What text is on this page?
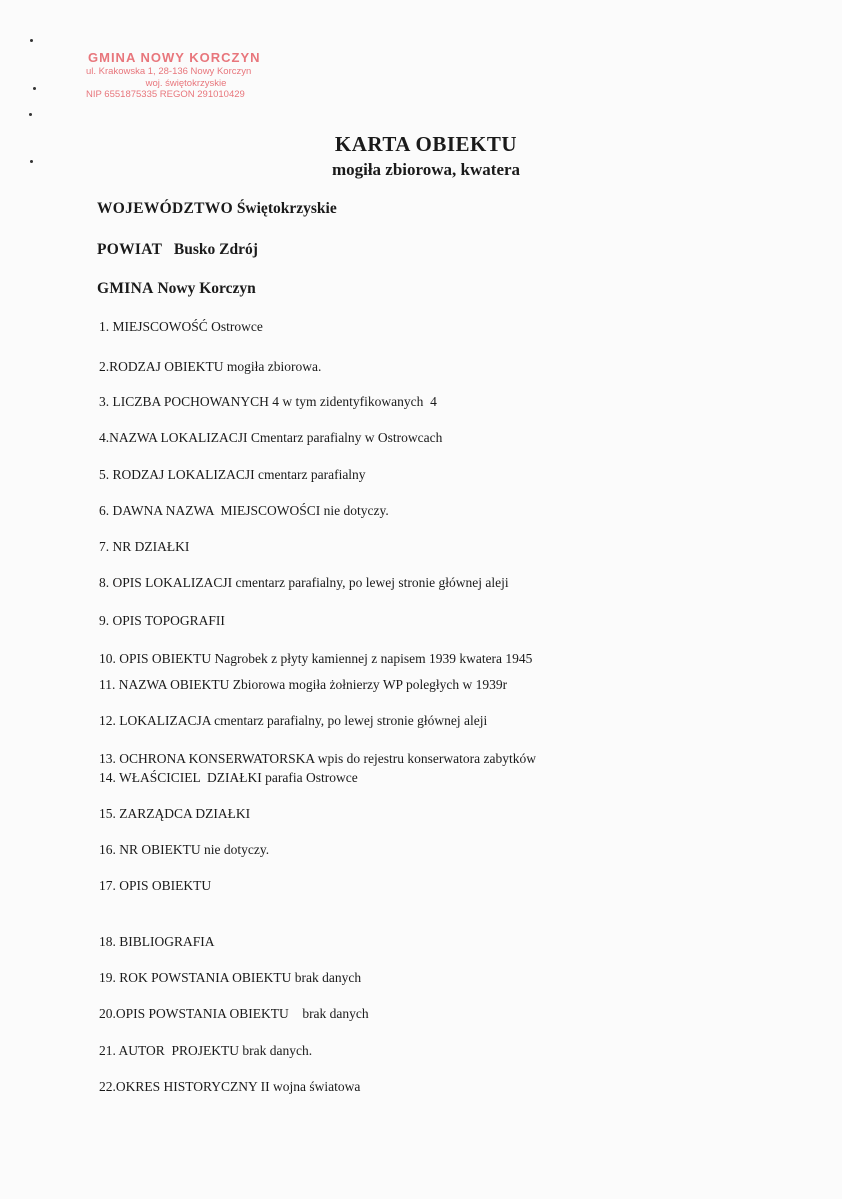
GMINA NOWY KORCZYN
ul. Krakowska 1, 28-136 Nowy Korczyn
woj. świętokrzyskie
NIP 6551875335 REGON 291010429
KARTA OBIEKTU
mogiła zbiorowa, kwatera
WOJEWÓDZTWO Świętokrzyskie
POWIAT Busko Zdrój
GMINA Nowy Korczyn
1. MIEJSCOWOŚĆ Ostrowce
2.RODZAJ OBIEKTU mogiła zbiorowa.
3. LICZBA POCHOWANYCH 4 w tym zidentyfikowanych  4
4.NAZWA LOKALIZACJI Cmentarz parafialny w Ostrowcach
5. RODZAJ LOKALIZACJI cmentarz parafialny
6. DAWNA NAZWA  MIEJSCOWOŚCI nie dotyczy.
7. NR DZIAŁKI
8. OPIS LOKALIZACJI cmentarz parafialny, po lewej stronie głównej aleji
9. OPIS TOPOGRAFII
10. OPIS OBIEKTU Nagrobek z płyty kamiennej z napisem 1939 kwatera 1945
11. NAZWA OBIEKTU Zbiorowa mogiła żołnierzy WP poległych w 1939r
12. LOKALIZACJA cmentarz parafialny, po lewej stronie głównej aleji
13. OCHRONA KONSERWATORSKA wpis do rejestru konserwatora zabytków
14. WŁAŚCICIEL  DZIAŁKI parafia Ostrowce
15. ZARZĄDCA DZIAŁKI
16. NR OBIEKTU nie dotyczy.
17. OPIS OBIEKTU
18. BIBLIOGRAFIA
19. ROK POWSTANIA OBIEKTU brak danych
20.OPIS POWSTANIA OBIEKTU brak danych
21. AUTOR  PROJEKTU brak danych.
22.OKRES HISTORYCZNY II wojna światowa
